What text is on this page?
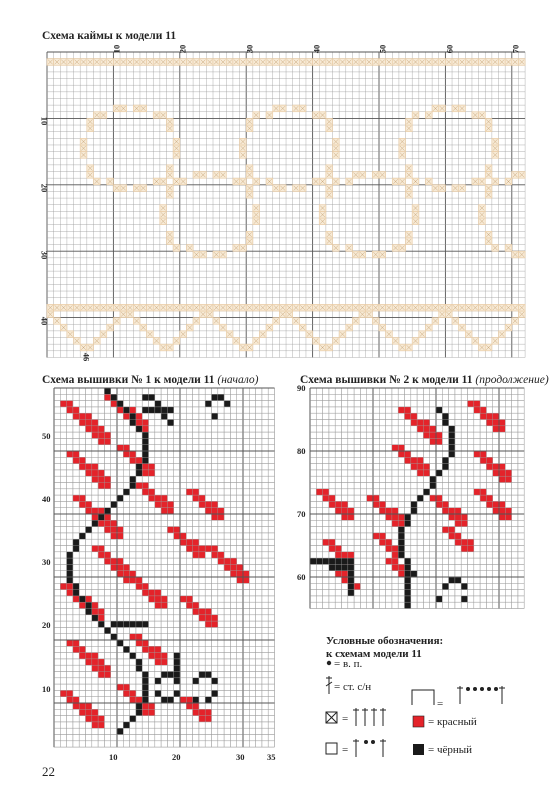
Схема каймы к модели 11
Схема вышивки № 1 к модели 11 (начало)	Схема вышивки № 2 к модели 11 (продолжение)
10	20	30	40	50	60	70
10
20
30
40
46
50
40
30
20
10
10	20	30	35
90
80
70
60
Условные обозначения:
к схемам модели 11
= в. п.
= ст. с/н
=
=
=
= красный
= чёрный
22
